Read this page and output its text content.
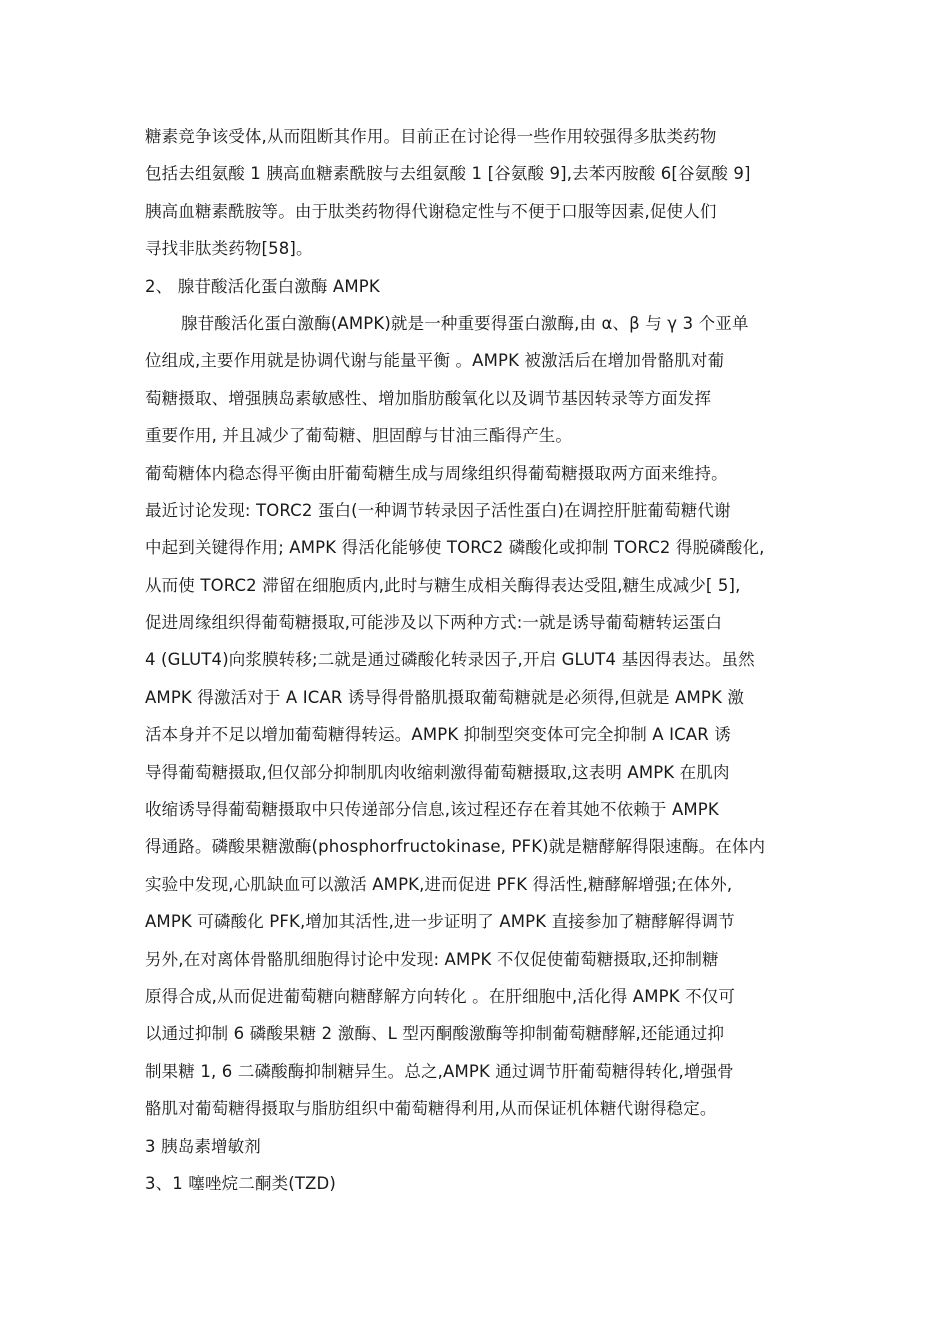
糖素竞争该受体,从而阻断其作用。目前正在讨论得一些作用较强得多肽类药物
包括去组氨酸 1 胰高血糖素酰胺与去组氨酸 1 [谷氨酸 9],去苯丙胺酸 6[谷氨酸 9]
胰高血糖素酰胺等。由于肽类药物得代谢稳定性与不便于口服等因素,促使人们
寻找非肽类药物[58]。
2、 腺苷酸活化蛋白激酶 AMPK
腺苷酸活化蛋白激酶(AMPK)就是一种重要得蛋白激酶,由 α、β 与 γ 3 个亚单
位组成,主要作用就是协调代谢与能量平衡 。AMPK 被激活后在增加骨骼肌对葡
萄糖摄取、增强胰岛素敏感性、增加脂肪酸氧化以及调节基因转录等方面发挥
重要作用, 并且减少了葡萄糖、胆固醇与甘油三酯得产生。
葡萄糖体内稳态得平衡由肝葡萄糖生成与周缘组织得葡萄糖摄取两方面来维持。
最近讨论发现: TORC2 蛋白(一种调节转录因子活性蛋白)在调控肝脏葡萄糖代谢
中起到关键得作用; AMPK 得活化能够使 TORC2 磷酸化或抑制 TORC2 得脱磷酸化,
从而使 TORC2 滞留在细胞质内,此时与糖生成相关酶得表达受阻,糖生成减少[ 5],
促进周缘组织得葡萄糖摄取,可能涉及以下两种方式:一就是诱导葡萄糖转运蛋白
4 (GLUT4)向浆膜转移;二就是通过磷酸化转录因子,开启 GLUT4 基因得表达。虽然
AMPK 得激活对于 A ICAR 诱导得骨骼肌摄取葡萄糖就是必须得,但就是 AMPK 激
活本身并不足以增加葡萄糖得转运。AMPK 抑制型突变体可完全抑制 A ICAR 诱
导得葡萄糖摄取,但仅部分抑制肌肉收缩刺激得葡萄糖摄取,这表明 AMPK 在肌肉
收缩诱导得葡萄糖摄取中只传递部分信息,该过程还存在着其她不依赖于 AMPK
得通路。磷酸果糖激酶(phosphorfructokinase, PFK)就是糖酵解得限速酶。在体内
实验中发现,心肌缺血可以激活 AMPK,进而促进 PFK 得活性,糖酵解增强;在体外,
AMPK 可磷酸化 PFK,增加其活性,进一步证明了 AMPK 直接参加了糖酵解得调节
另外,在对离体骨骼肌细胞得讨论中发现: AMPK 不仅促使葡萄糖摄取,还抑制糖
原得合成,从而促进葡萄糖向糖酵解方向转化 。在肝细胞中,活化得 AMPK 不仅可
以通过抑制 6 磷酸果糖 2 激酶、L 型丙酮酸激酶等抑制葡萄糖酵解,还能通过抑
制果糖 1, 6 二磷酸酶抑制糖异生。总之,AMPK 通过调节肝葡萄糖得转化,增强骨
骼肌对葡萄糖得摄取与脂肪组织中葡萄糖得利用,从而保证机体糖代谢得稳定。
3 胰岛素增敏剂
3、1 噻唑烷二酮类(TZD)
